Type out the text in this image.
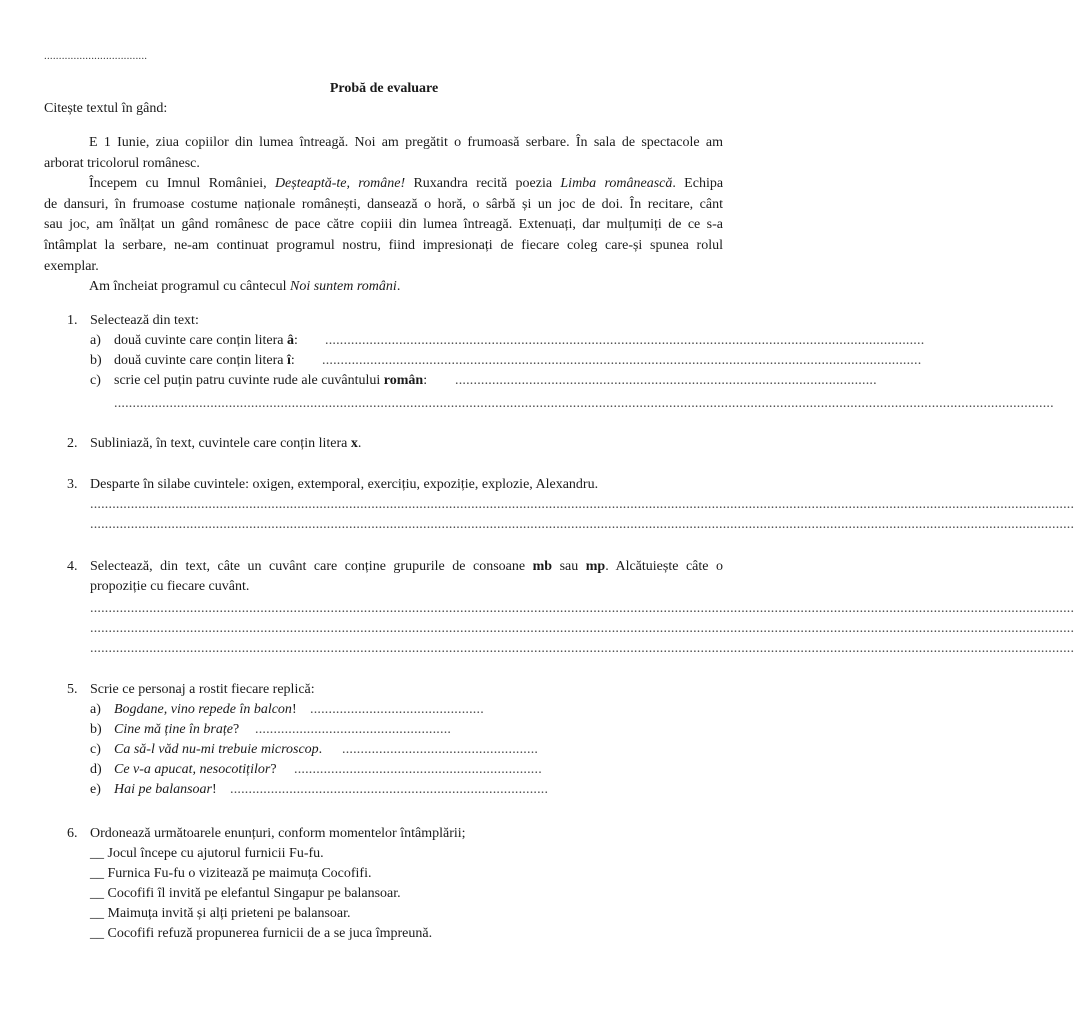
...................................
Probă de evaluare
Citește textul în gând:
E 1 Iunie, ziua copiilor din lumea întreagă. Noi am pregătit o frumoasă serbare. În sala de spectacole am
arborat tricolorul românesc.
Începem cu Imnul României, Deșteaptă-te, române! Ruxandra recită poezia Limba românească. Echipa
de dansuri, în frumoase costume naționale românești, dansează o horă, o sârbă și un joc de doi. În recitare, cânt
sau joc, am înălțat un gând românesc de pace către copiii din lumea întreagă. Extenuați, dar mulțumiți de ce s-a
întâmplat la serbare, ne-am continuat programul nostru, fiind impresionați de fiecare coleg care-și spunea rolul
exemplar.
Am încheiat programul cu cântecul Noi suntem români.
1. Selectează din text:
a) două cuvinte care conțin litera â: ..................................................................................................................................................................
b) două cuvinte care conțin litera î: ..................................................................................................................................................................
c) scrie cel puțin patru cuvinte rude ale cuvântului român: ..................................................................................................................
..............................................................................................................................................................................................................................................................
2. Subliniază, în text, cuvintele care conțin litera x.
3. Desparte în silabe cuvintele: oxigen, extemporal, exercițiu, expoziție, explozie, Alexandru.
..........................................................................................................................................................................................................................................................................
..........................................................................................................................................................................................................................................................................
4. Selectează, din text, câte un cuvânt care conține grupurile de consoane mb sau mp. Alcătuiește câte o
propoziție cu fiecare cuvânt.
..........................................................................................................................................................................................................................................................................
..........................................................................................................................................................................................................................................................................
..........................................................................................................................................................................................................................................................................
5. Scrie ce personaj a rostit fiecare replică:
a) Bogdane, vino repede în balcon! ...............................................
b) Cine mă ține în brațe? .....................................................
c) Ca să-l văd nu-mi trebuie microscop. .....................................................
d) Ce v-a apucat, nesocotiților? ...................................................................
e) Hai pe balansoar! ......................................................................................
6. Ordonează următoarele enunțuri, conform momentelor întâmplării;
__ Jocul începe cu ajutorul furnicii Fu-fu.
__ Furnica Fu-fu o vizitează pe maimuța Cocofifi.
__ Cocofifi îl invită pe elefantul Singapur pe balansoar.
__ Maimuța invită și alți prieteni pe balansoar.
__ Cocofifi refuză propunerea furnicii de a se juca împreună.
